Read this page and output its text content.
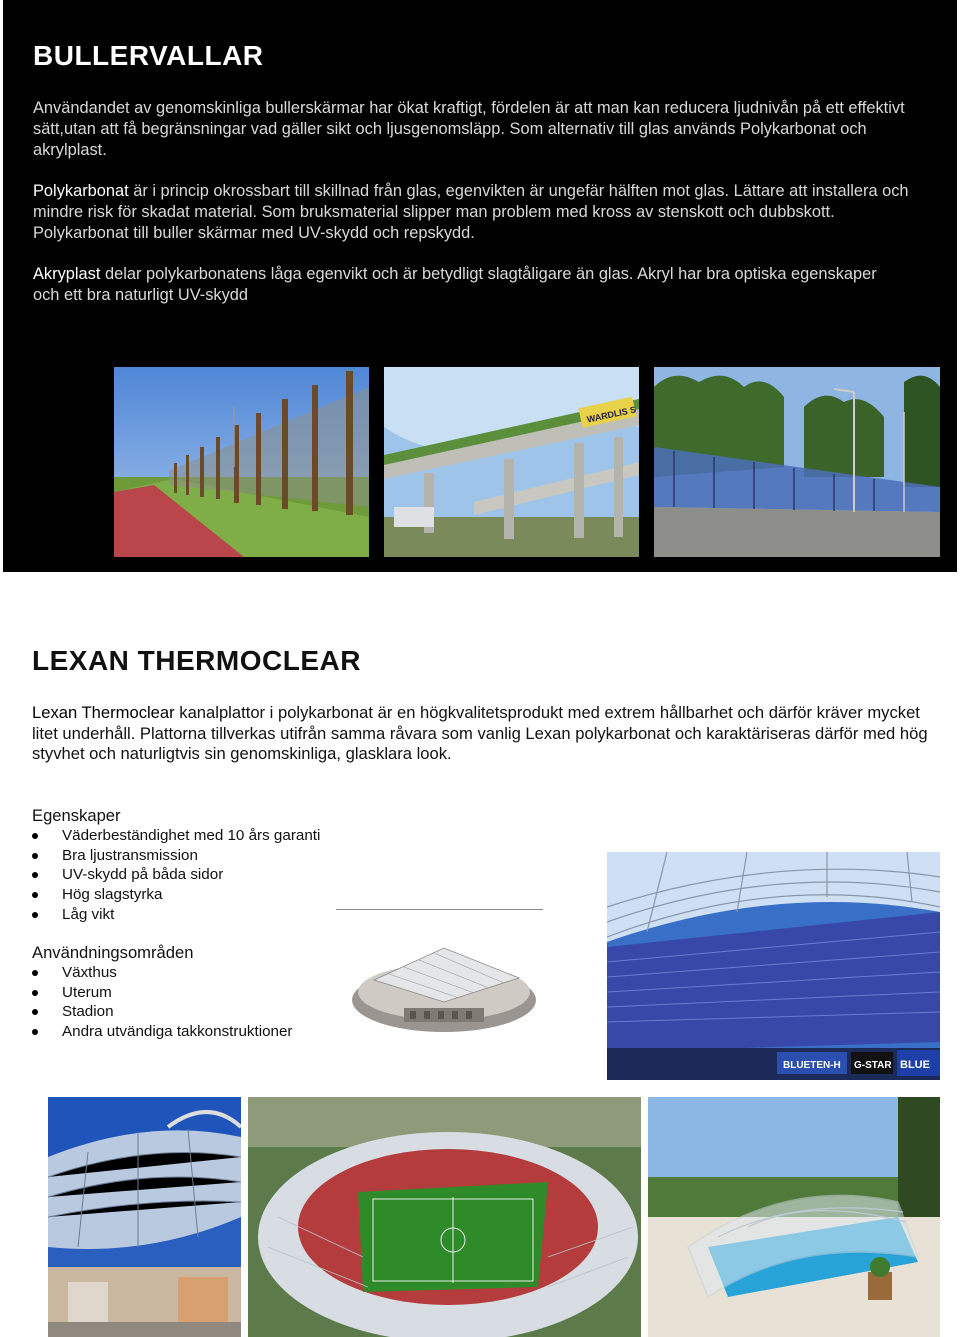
BULLERVALLAR

Användandet av genomskinliga bullerskärmar har ökat kraftigt, fördelen är att man kan reducera ljudnivån på ett effektivt sätt,utan att få begränsningar vad gäller sikt och ljusgenomsläpp. Som alternativ till glas används Polykarbonat och akrylplast.

Polykarbonat är i princip okrossbart till skillnad från glas, egenvikten är ungefär hälften mot glas. Lättare att installera och mindre risk för skadat material. Som bruksmaterial slipper man problem med kross av stenskott och dubbskott. Polykarbonat till buller skärmar med UV-skydd och repskydd.

Akryplast delar polykarbonatens låga egenvikt och är betydligt slagtåligare än glas. Akryl har bra optiska egenskaper och ett bra naturligt UV-skydd

WARDLIS S
LEXAN THERMOCLEAR

Lexan Thermoclear kanalplattor i polykarbonat är en högkvalitetsprodukt med extrem hållbarhet och därför kräver mycket litet underhåll. Plattorna tillverkas utifrån samma råvara som vanlig Lexan polykarbonat och karaktäriseras därför med hög styvhet och naturligtvis sin genomskinliga, glasklara look.

Egenskaper
Väderbeständighet med 10 års garanti
Bra ljustransmission
UV-skydd på båda sidor
Hög slagstyrka
Låg vikt
Användningsområden
Växthus
Uterum
Stadion
Andra utvändiga takkonstruktioner
BLUETEN-H G-STAR BLUE
